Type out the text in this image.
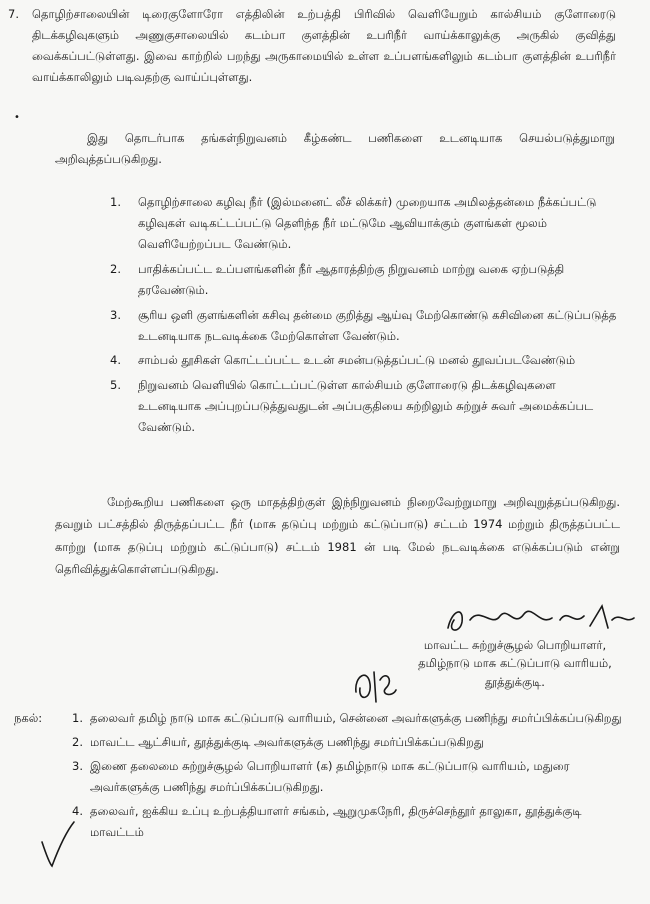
7. தொழிற்சாலையின் டிரைகுளோரோ எத்திலின் உற்பத்தி பிரிவில் வெளியேறும் கால்சியம் குளோரைடு திடக்கழிவுகளும் அணுகுசாலையில் கடம்பா குளத்தின் உபரிநீர் வாய்க்காலுக்கு அருகில் குவித்து வைக்கப்பட்டுள்ளது. இவை காற்றில் பறந்து அருகாமையில் உள்ள உப்பளங்களிலும் கடம்பா குளத்தின் உபரிநீர் வாய்க்காலிலும் படிவதற்கு வாய்ப்புள்ளது.

•

இது தொடர்பாக தங்கள்நிறுவனம் கீழ்கண்ட பணிகளை உடனடியாக செயல்படுத்துமாறு அறிவுத்தப்படுகிறது.

1. தொழிற்சாலை கழிவு நீர் (இல்மனைட் லீச் லிக்கர்) முறையாக அமிலத்தன்மை நீக்கப்பட்டு கழிவுகள் வடிகட்டப்பட்டு தெளிந்த நீர் மட்டுமே ஆவியாக்கும் குளங்கள் மூலம் வெளியேற்றப்பட வேண்டும்.
2. பாதிக்கப்பட்ட உப்பளங்களின் நீர் ஆதாரத்திற்கு நிறுவனம் மாற்று வகை ஏற்படுத்தி தரவேண்டும்.
3. சூரிய ஒளி குளங்களின் கசிவு தன்மை குறித்து ஆய்வு மேற்கொண்டு கசிவினை கட்டுப்படுத்த உடனடியாக நடவடிக்கை மேற்கொள்ள வேண்டும்.
4. சாம்பல் தூசிகள் கொட்டப்பட்ட உடன் சமன்படுத்தப்பட்டு மனல் தூவப்படவேண்டும்
5. நிறுவனம் வெளியில் கொட்டப்பட்டுள்ள கால்சியம் குளோரைடு திடக்கழிவுகளை உடனடியாக அப்புறப்படுத்துவதுடன் அப்பகுதியை சுற்றிலும் சுற்றுச் சுவர் அமைக்கப்பட வேண்டும்.

மேற்கூறிய பணிகளை ஒரு மாதத்திற்குள் இந்நிறுவனம் நிறைவேற்றுமாறு அறிவுறுத்தப்படுகிறது. தவறும் பட்சத்தில் திருத்தப்பட்ட நீர் (மாசு தடுப்பு மற்றும் கட்டுப்பாடு) சட்டம் 1974 மற்றும் திருத்தப்பட்ட காற்று (மாசு தடுப்பு மற்றும் கட்டுப்பாடு) சட்டம் 1981 ன் படி மேல் நடவடிக்கை எடுக்கப்படும் என்று தெரிவித்துக்கொள்ளப்படுகிறது.

மாவட்ட சுற்றுச்சூழல் பொறியாளர்,

தமிழ்நாடு மாசு கட்டுப்பாடு வாரியம்,

தூத்துக்குடி.

நகல்:	1. தலைவர் தமிழ் நாடு மாசு கட்டுப்பாடு வாரியம், சென்னை அவர்களுக்கு பணிந்து சமர்ப்பிக்கப்படுகிறது
2. மாவட்ட ஆட்சியர், தூத்துக்குடி அவர்களுக்கு பணிந்து சமர்ப்பிக்கப்படுகிறது
3. இணை தலைமை சுற்றுச்சூழல் பொறியாளர் (க) தமிழ்நாடு மாசு கட்டுப்பாடு வாரியம், மதுரை அவர்களுக்கு பணிந்து சமர்ப்பிக்கப்படுகிறது.
4. தலைவர், ஐக்கிய உப்பு உற்பத்தியாளர் சங்கம், ஆறுமுகநேரி, திருச்செந்தூர் தாலுகா, தூத்துக்குடி மாவட்டம்
